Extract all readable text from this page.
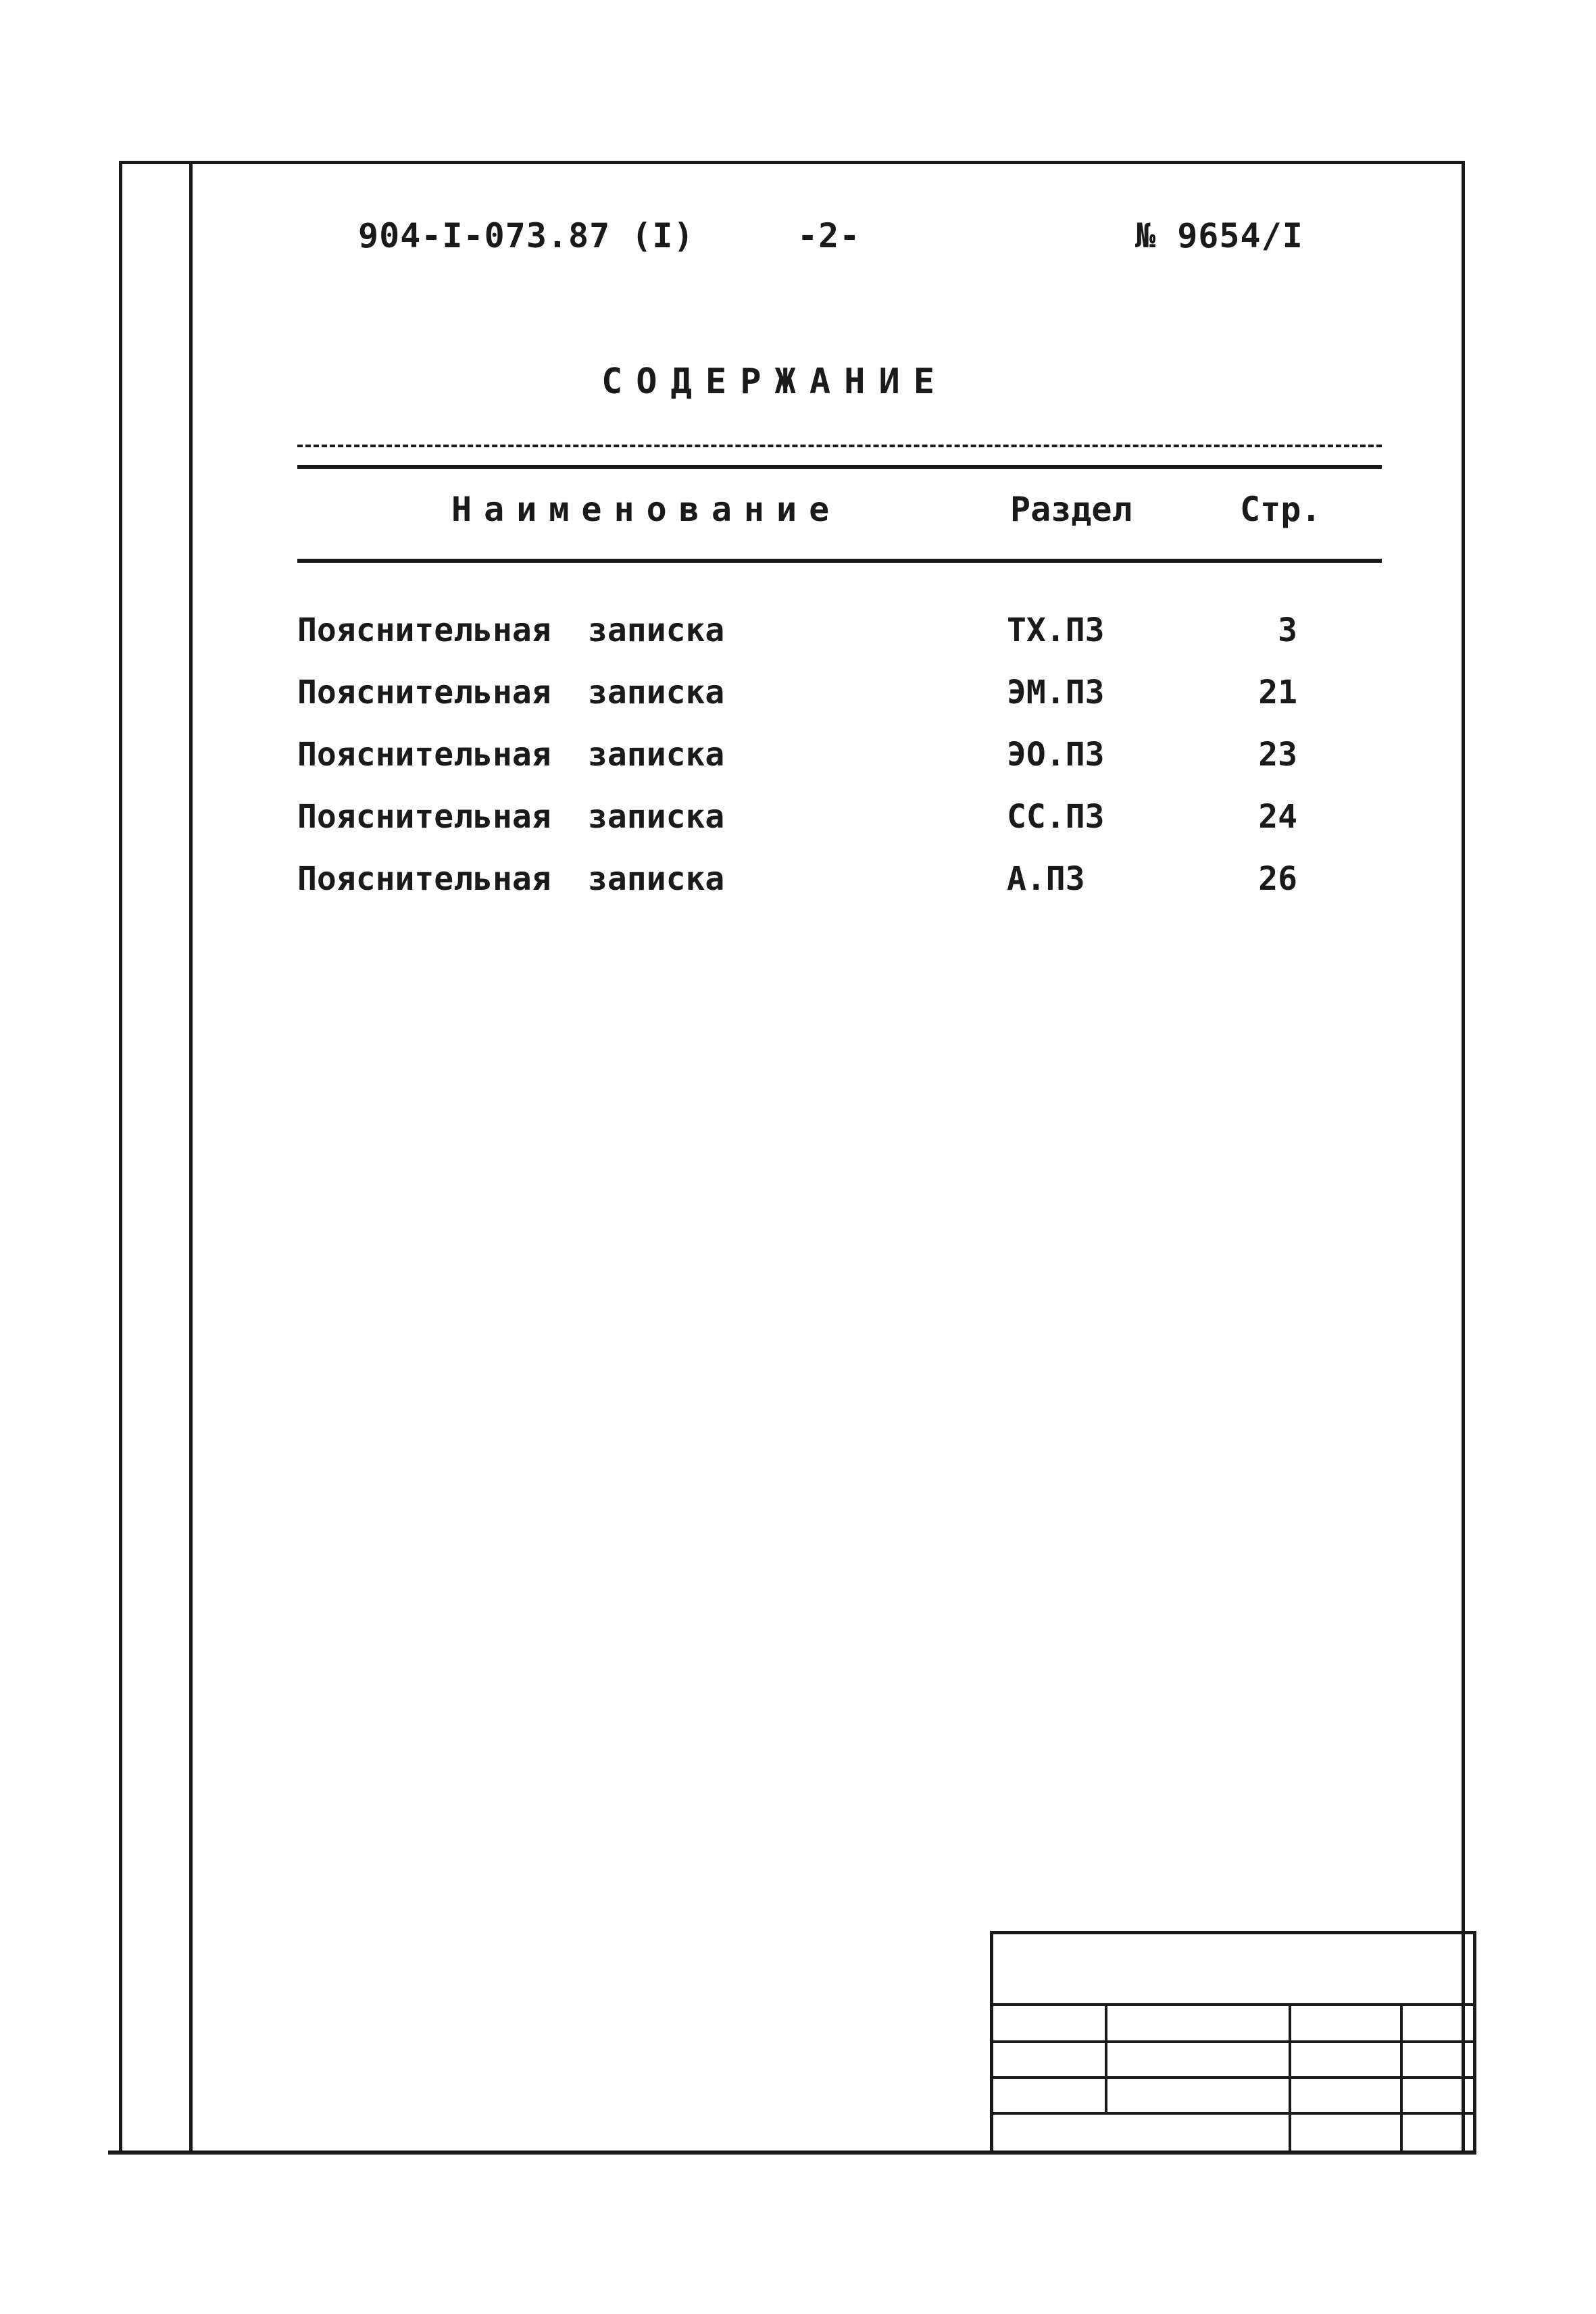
904-I-073.87 (I)	-2-	№ 9654/I
СОДЕРЖАНИЕ
Наименование	Раздел	Стр.
Пояснительная записка	ТХ.ПЗ	3
Пояснительная записка	ЭМ.ПЗ	21
Пояснительная записка	ЭО.ПЗ	23
Пояснительная записка	СС.ПЗ	24
Пояснительная записка	А.ПЗ	26
